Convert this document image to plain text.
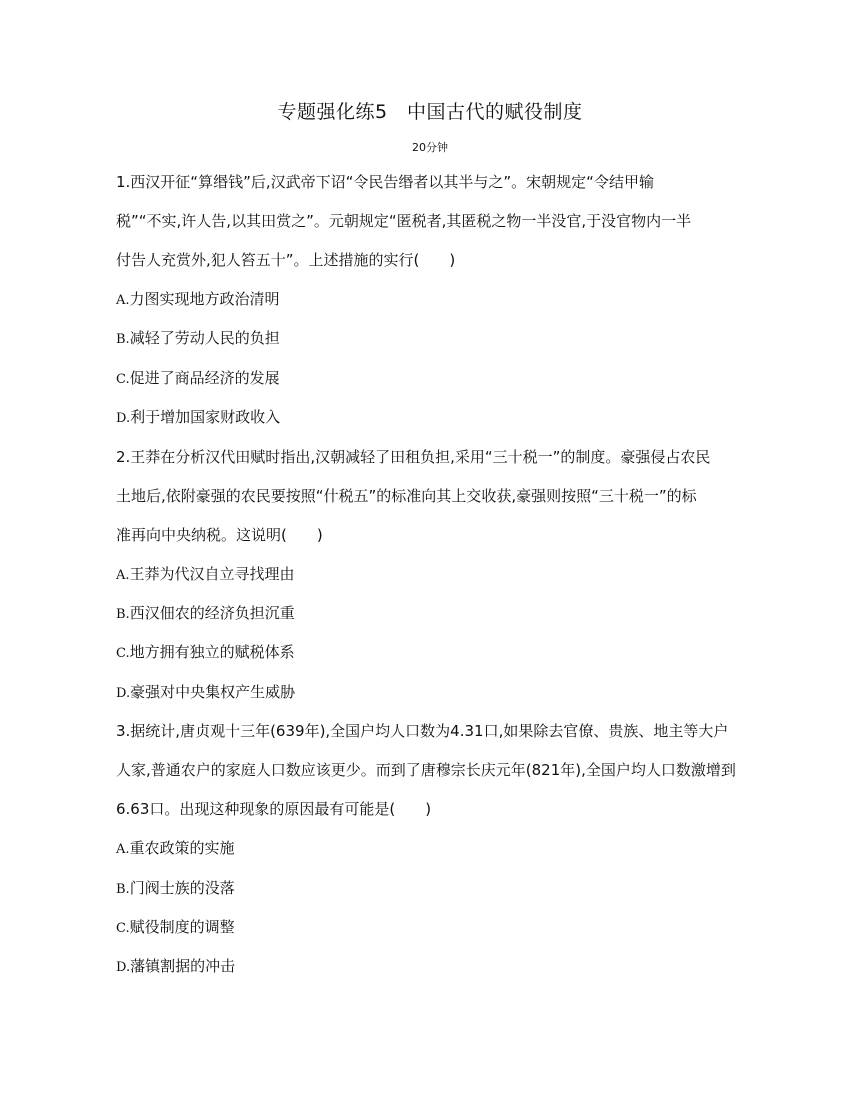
专题强化练5　中国古代的赋役制度
20分钟
1.西汉开征“算缗钱”后,汉武帝下诏“令民告缗者以其半与之”。宋朝规定“令结甲输
税”“不实,许人告,以其田赏之”。元朝规定“匿税者,其匿税之物一半没官,于没官物内一半
付告人充赏外,犯人笞五十”。上述措施的实行(　　)
A.力图实现地方政治清明
B.减轻了劳动人民的负担
C.促进了商品经济的发展
D.利于增加国家财政收入
2.王莽在分析汉代田赋时指出,汉朝减轻了田租负担,采用“三十税一”的制度。豪强侵占农民
土地后,依附豪强的农民要按照“什税五”的标准向其上交收获,豪强则按照“三十税一”的标
准再向中央纳税。这说明(　　)
A.王莽为代汉自立寻找理由
B.西汉佃农的经济负担沉重
C.地方拥有独立的赋税体系
D.豪强对中央集权产生威胁
3.据统计,唐贞观十三年(639年),全国户均人口数为4.31口,如果除去官僚、贵族、地主等大户
人家,普通农户的家庭人口数应该更少。而到了唐穆宗长庆元年(821年),全国户均人口数激增到
6.63口。出现这种现象的原因最有可能是(　　)
A.重农政策的实施
B.门阀士族的没落
C.赋役制度的调整
D.藩镇割据的冲击
